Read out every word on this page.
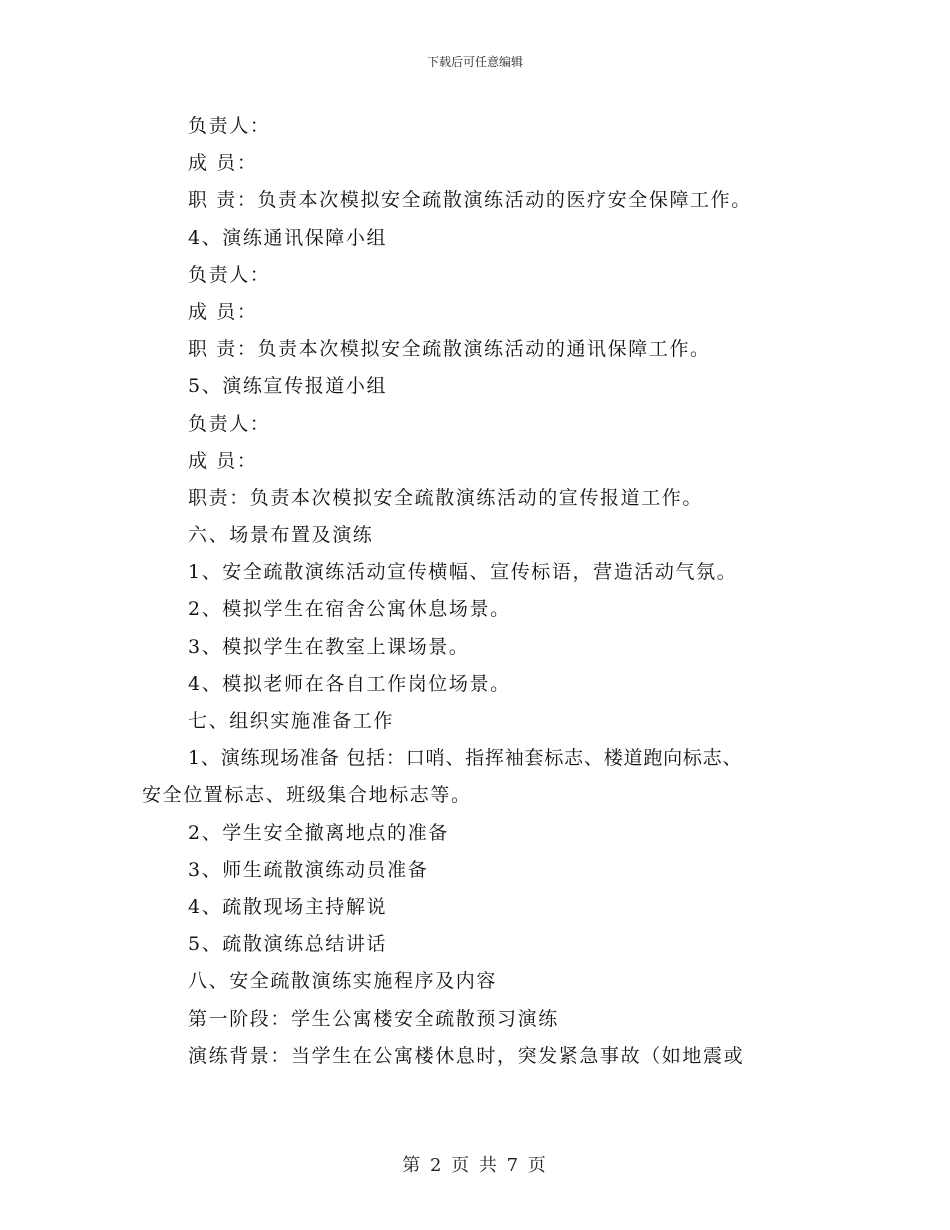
下载后可任意编辑
负责人：
成 员：
职 责：负责本次模拟安全疏散演练活动的医疗安全保障工作。
4、演练通讯保障小组
负责人：
成 员：
职 责：负责本次模拟安全疏散演练活动的通讯保障工作。
5、演练宣传报道小组
负责人：
成 员：
职责：负责本次模拟安全疏散演练活动的宣传报道工作。
六、场景布置及演练
1、安全疏散演练活动宣传横幅、宣传标语，营造活动气氛。
2、模拟学生在宿舍公寓休息场景。
3、模拟学生在教室上课场景。
4、模拟老师在各自工作岗位场景。
七、组织实施准备工作
1、演练现场准备 包括：口哨、指挥袖套标志、楼道跑向标志、
安全位置标志、班级集合地标志等。
2、学生安全撤离地点的准备
3、师生疏散演练动员准备
4、疏散现场主持解说
5、疏散演练总结讲话
八、安全疏散演练实施程序及内容
第一阶段：学生公寓楼安全疏散预习演练
演练背景：当学生在公寓楼休息时，突发紧急事故（如地震或
第 2 页 共 7 页
